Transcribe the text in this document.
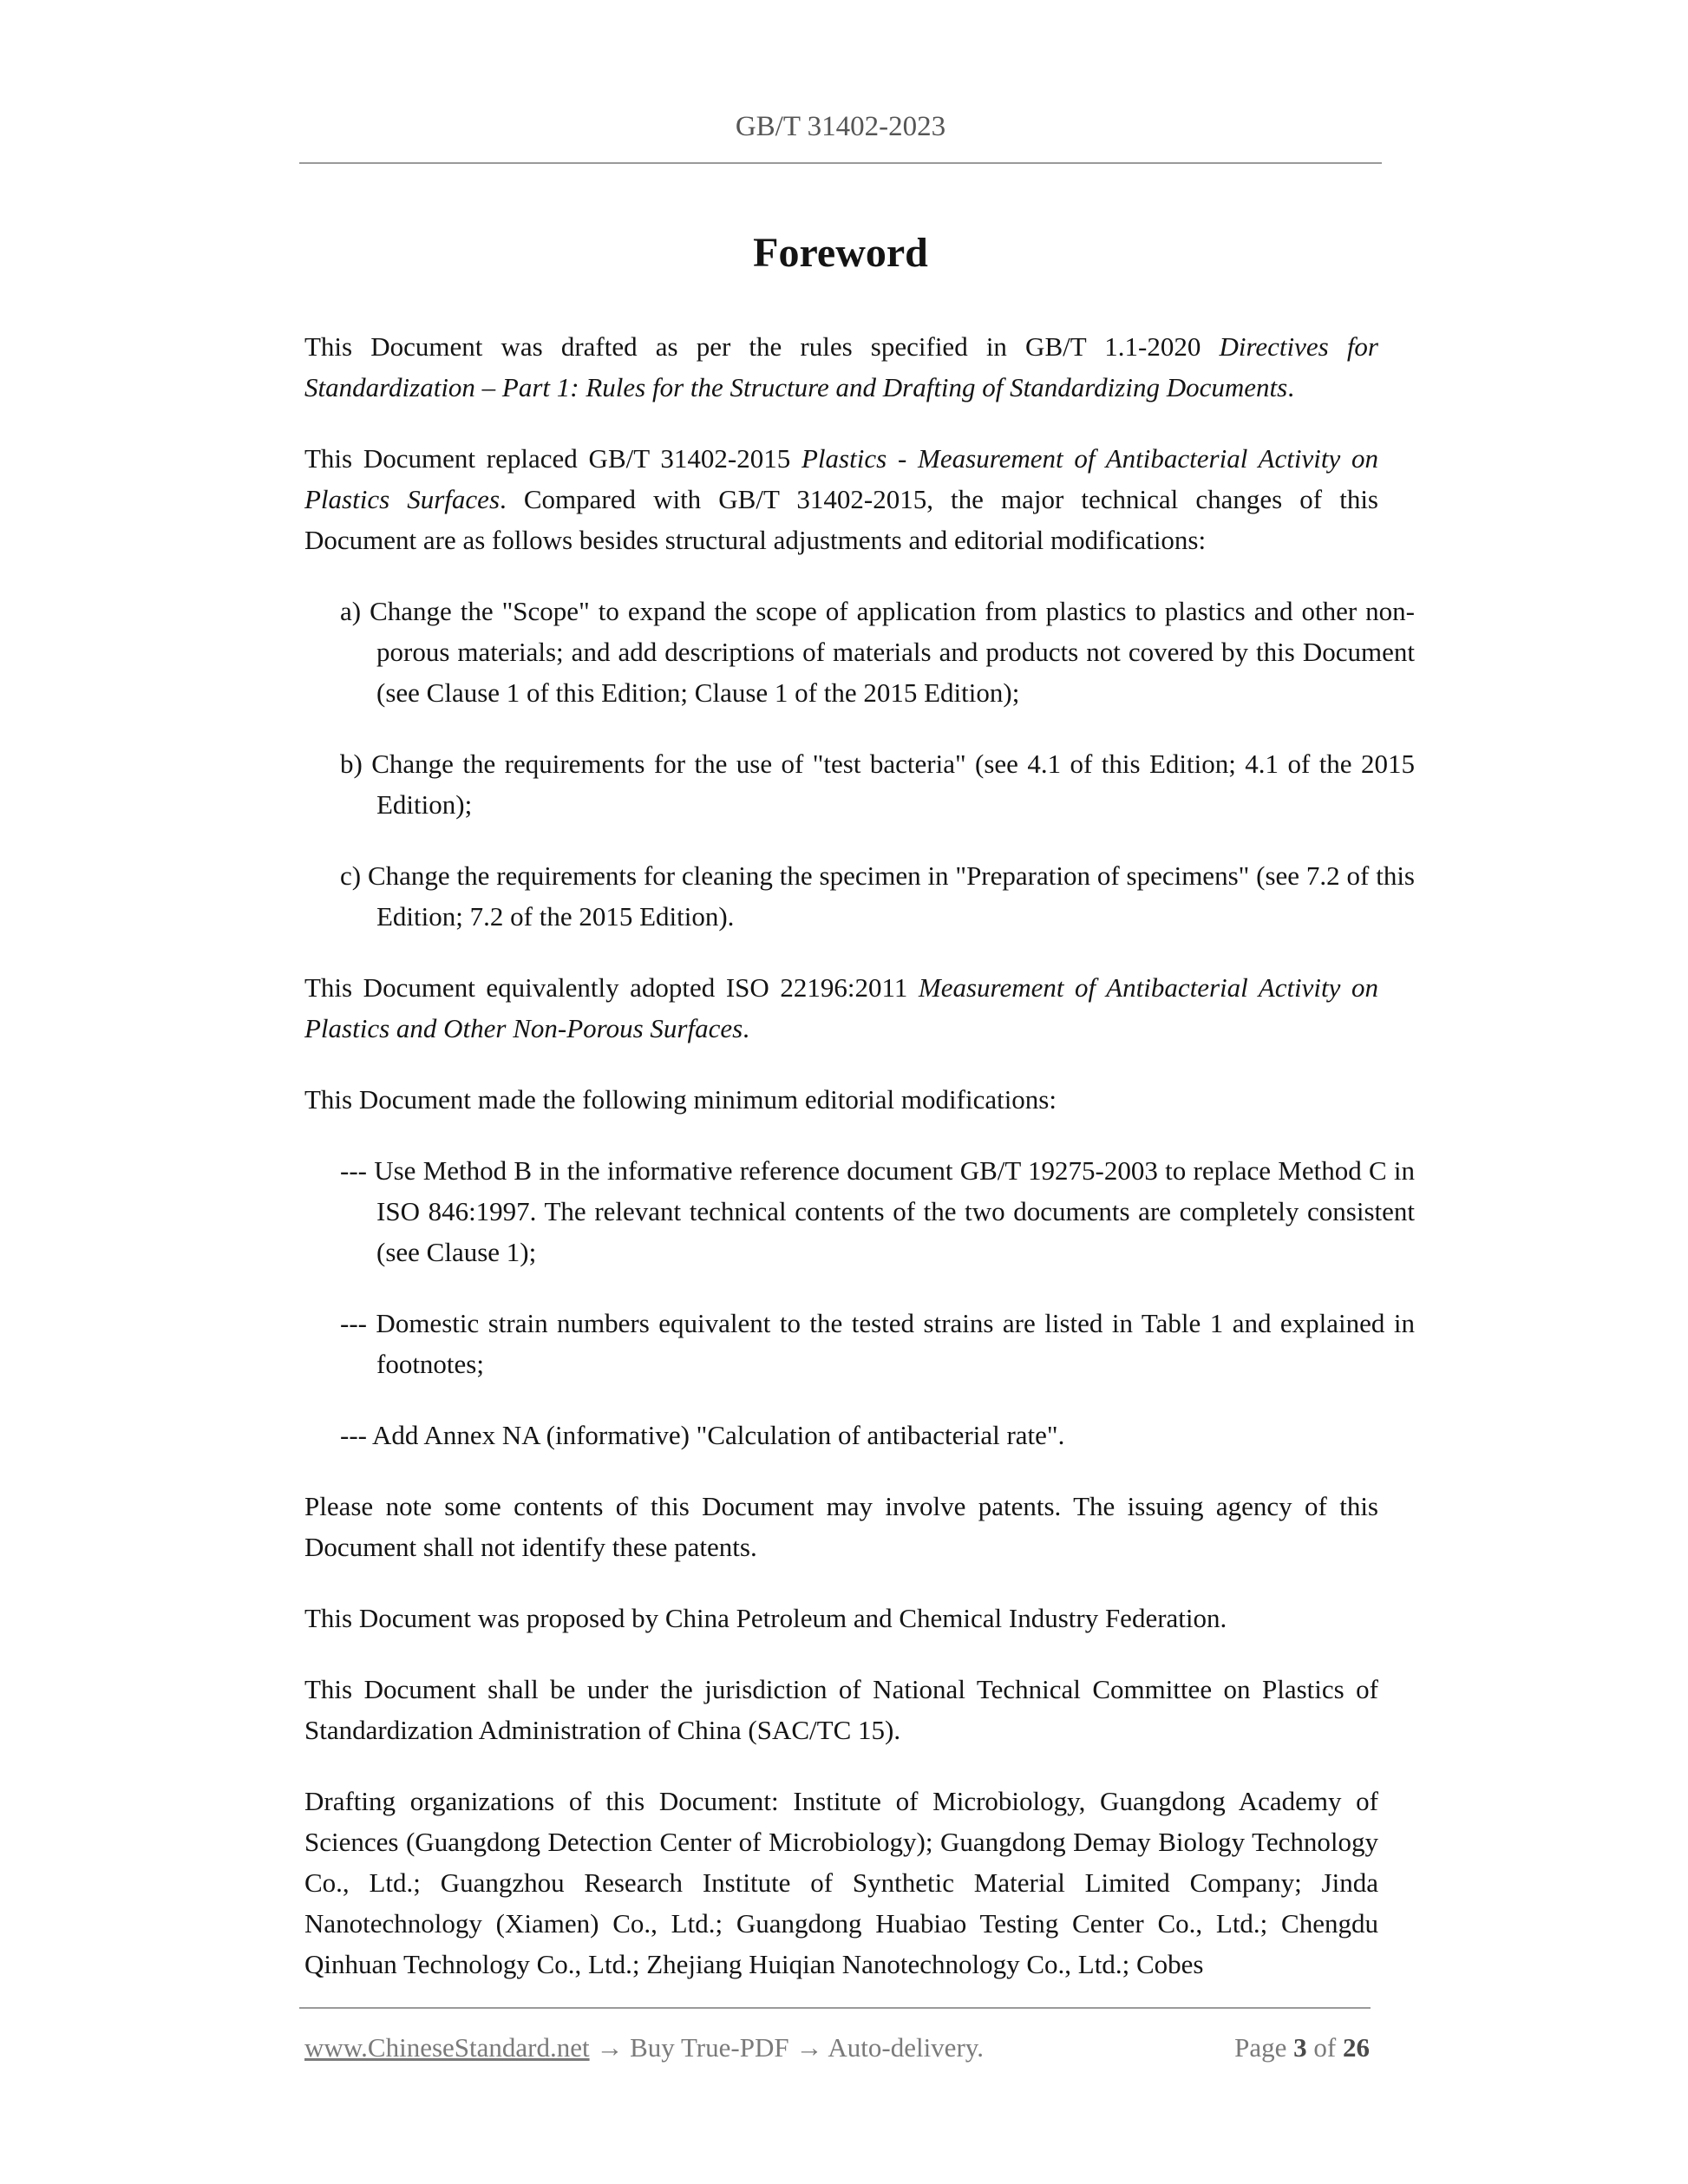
GB/T 31402-2023
Foreword

This Document was drafted as per the rules specified in GB/T 1.1-2020 Directives for Standardization – Part 1: Rules for the Structure and Drafting of Standardizing Documents.

This Document replaced GB/T 31402-2015 Plastics - Measurement of Antibacterial Activity on Plastics Surfaces. Compared with GB/T 31402-2015, the major technical changes of this Document are as follows besides structural adjustments and editorial modifications:

a) Change the "Scope" to expand the scope of application from plastics to plastics and other non-porous materials; and add descriptions of materials and products not covered by this Document (see Clause 1 of this Edition; Clause 1 of the 2015 Edition);

b) Change the requirements for the use of "test bacteria" (see 4.1 of this Edition; 4.1 of the 2015 Edition);

c) Change the requirements for cleaning the specimen in "Preparation of specimens" (see 7.2 of this Edition; 7.2 of the 2015 Edition).

This Document equivalently adopted ISO 22196:2011 Measurement of Antibacterial Activity on Plastics and Other Non-Porous Surfaces.

This Document made the following minimum editorial modifications:

--- Use Method B in the informative reference document GB/T 19275-2003 to replace Method C in ISO 846:1997. The relevant technical contents of the two documents are completely consistent (see Clause 1);

--- Domestic strain numbers equivalent to the tested strains are listed in Table 1 and explained in footnotes;

--- Add Annex NA (informative) "Calculation of antibacterial rate".

Please note some contents of this Document may involve patents. The issuing agency of this Document shall not identify these patents.

This Document was proposed by China Petroleum and Chemical Industry Federation.

This Document shall be under the jurisdiction of National Technical Committee on Plastics of Standardization Administration of China (SAC/TC 15).

Drafting organizations of this Document: Institute of Microbiology, Guangdong Academy of Sciences (Guangdong Detection Center of Microbiology); Guangdong Demay Biology Technology Co., Ltd.; Guangzhou Research Institute of Synthetic Material Limited Company; Jinda Nanotechnology (Xiamen) Co., Ltd.; Guangdong Huabiao Testing Center Co., Ltd.; Chengdu Qinhuan Technology Co., Ltd.; Zhejiang Huiqian Nanotechnology Co., Ltd.; Cobes

www.ChineseStandard.net → Buy True-PDF → Auto-delivery.	Page 3 of 26
